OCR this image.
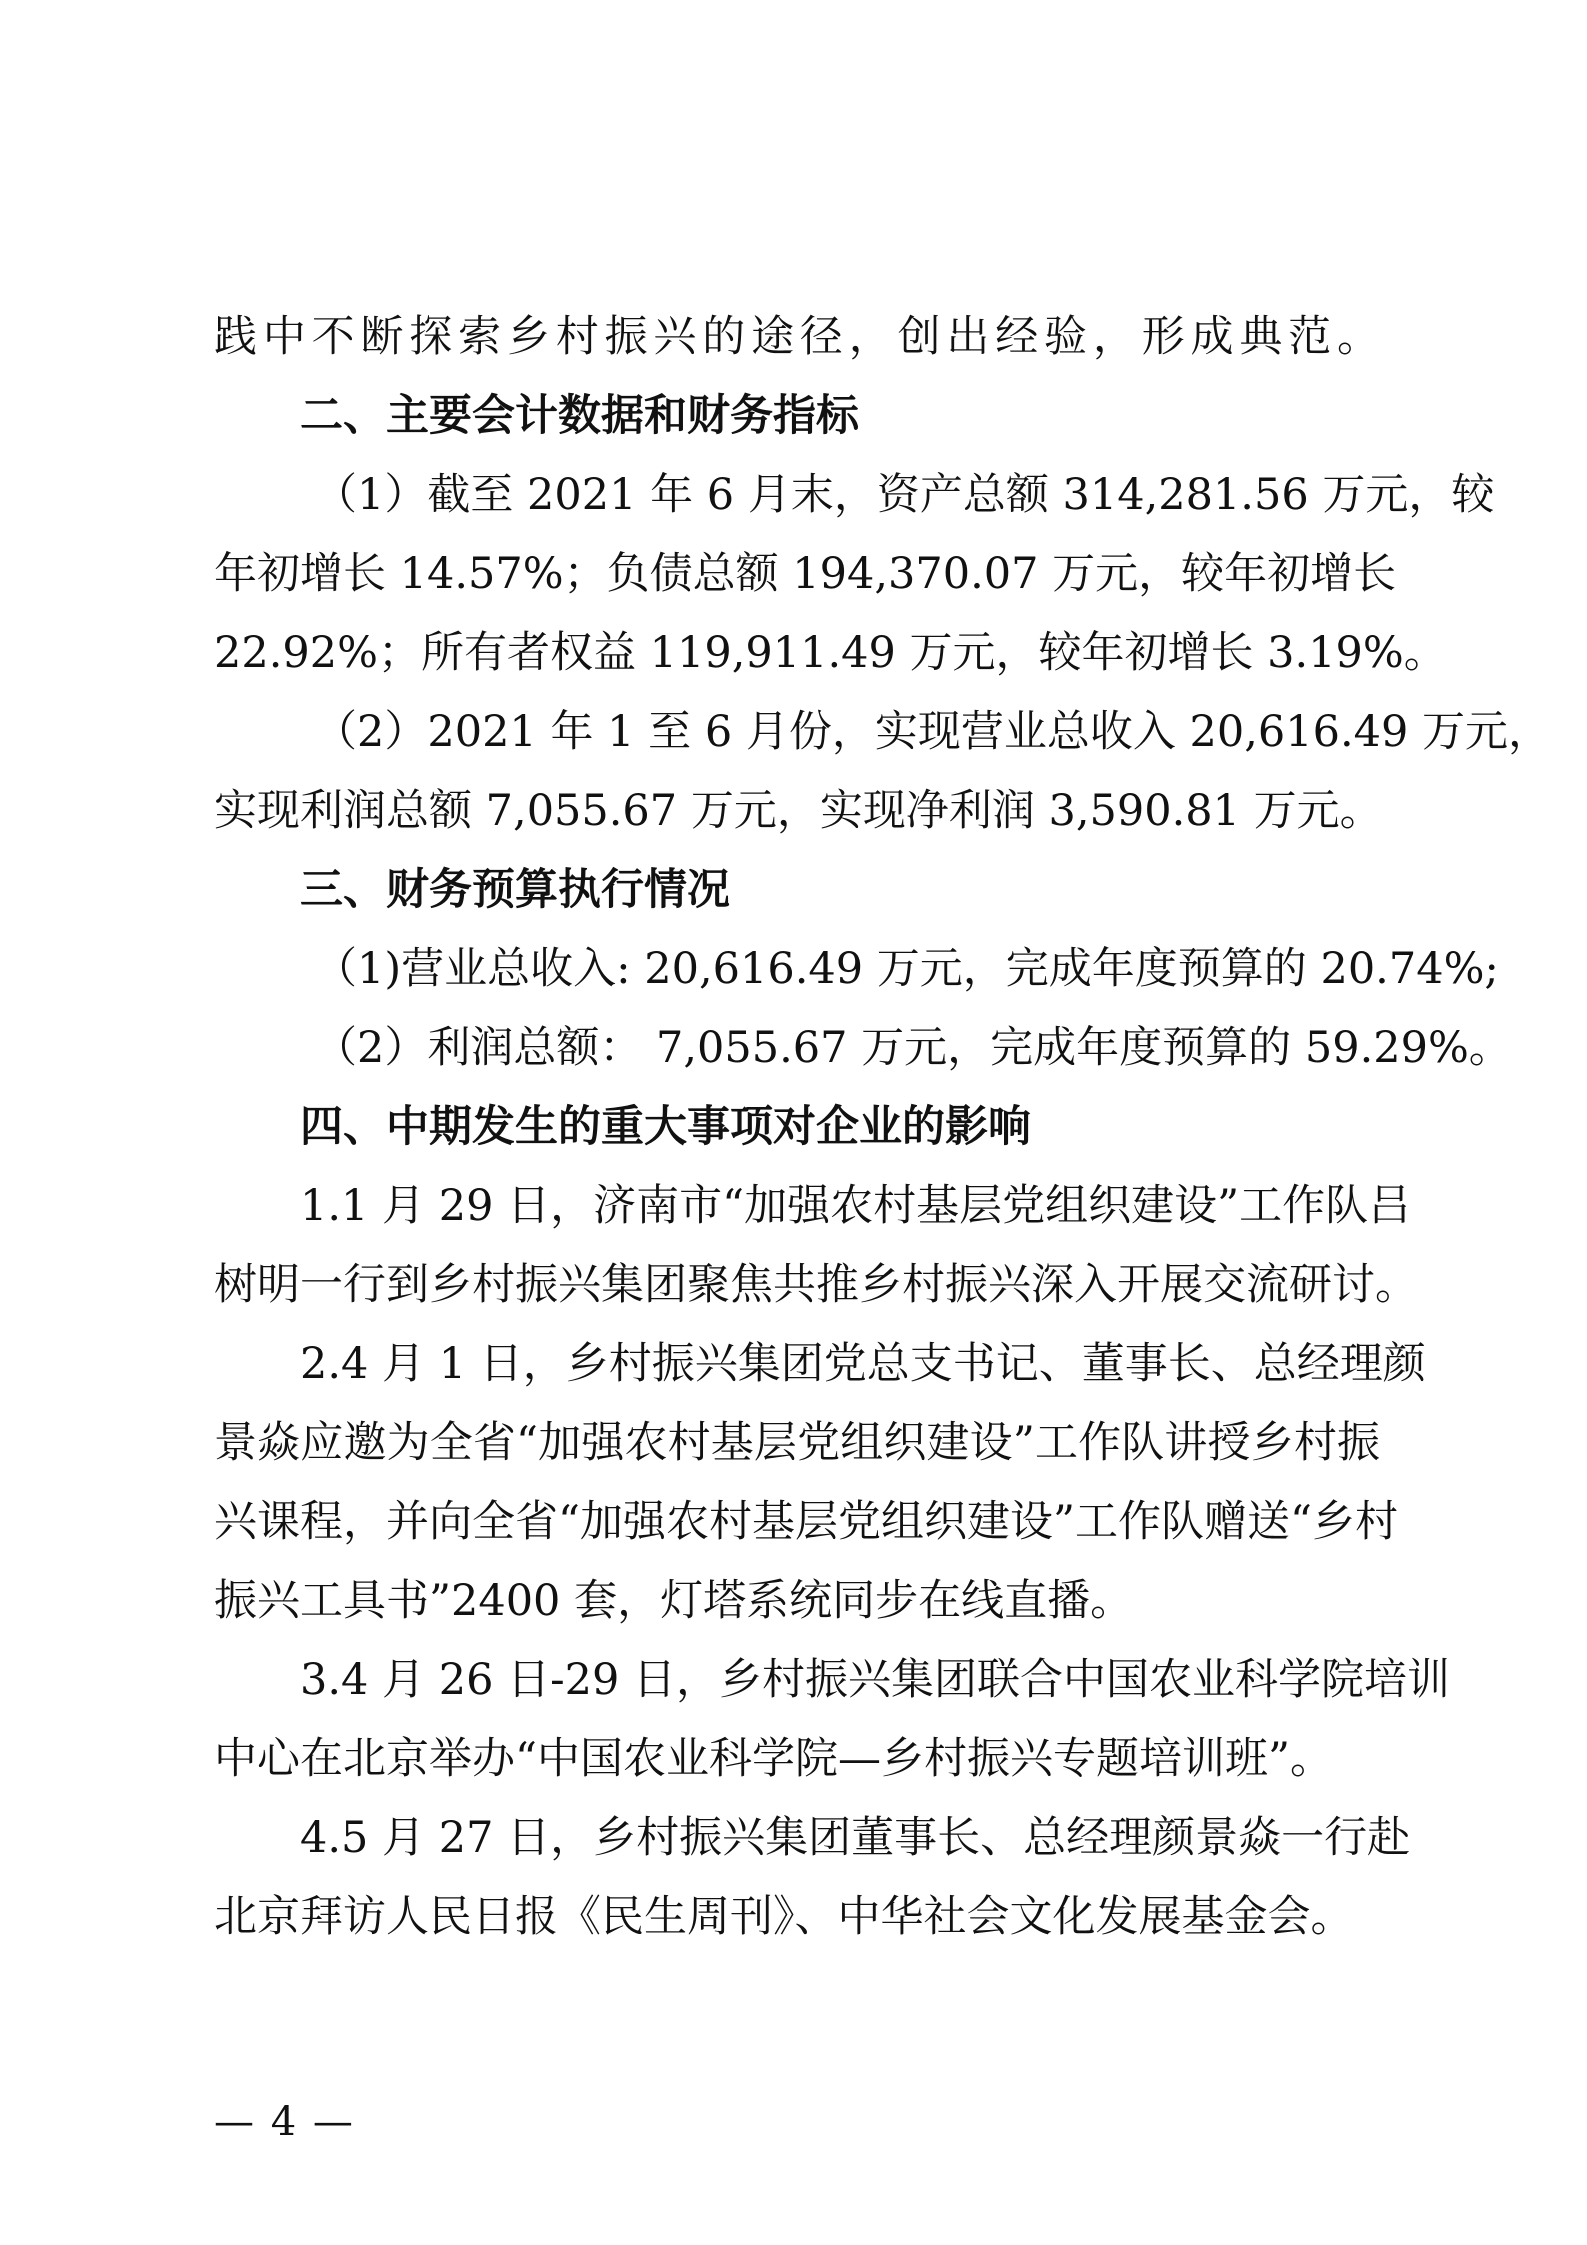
践中不断探索乡村振兴的途径，创出经验，形成典范。
二、主要会计数据和财务指标
（1）截至 2021 年 6 月末，资产总额 314,281.56 万元，较
年初增长 14.57%；负债总额 194,370.07 万元，较年初增长
22.92%；所有者权益 119,911.49 万元，较年初增长 3.19%。
（2）2021 年 1 至 6 月份，实现营业总收入 20,616.49 万元，
实现利润总额 7,055.67 万元，实现净利润 3,590.81 万元。
三、财务预算执行情况
（1)营业总收入: 20,616.49 万元，完成年度预算的 20.74%;
（2）利润总额： 7,055.67 万元，完成年度预算的 59.29%。
四、中期发生的重大事项对企业的影响
1.1 月 29 日，济南市“加强农村基层党组织建设”工作队吕
树明一行到乡村振兴集团聚焦共推乡村振兴深入开展交流研讨。
2.4 月 1 日，乡村振兴集团党总支书记、董事长、总经理颜
景焱应邀为全省“加强农村基层党组织建设”工作队讲授乡村振
兴课程，并向全省“加强农村基层党组织建设”工作队赠送“乡村
振兴工具书”2400 套，灯塔系统同步在线直播。
3.4 月 26 日-29 日，乡村振兴集团联合中国农业科学院培训
中心在北京举办“中国农业科学院—乡村振兴专题培训班”。
4.5 月 27 日，乡村振兴集团董事长、总经理颜景焱一行赴
北京拜访人民日报《民生周刊》、中华社会文化发展基金会。
— 4 —
